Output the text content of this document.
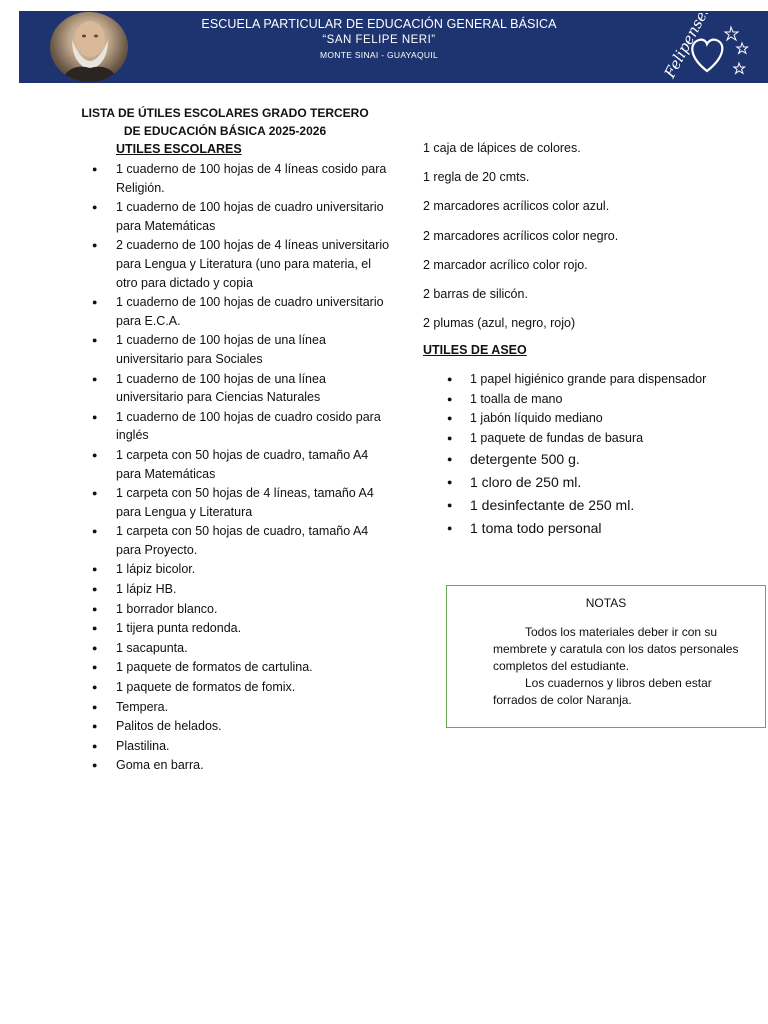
ESCUELA PARTICULAR DE EDUCACIÓN GENERAL BÁSICA
“SAN FELIPE NERI”
MONTE SINAI - GUAYAQUIL	Felipenses
LISTA DE ÚTILES ESCOLARES GRADO TERCERO
DE EDUCACIÓN BÁSICA 2025-2026
UTILES ESCOLARES
● 1 cuaderno de 100 hojas de 4 líneas cosido para Religión.
● 1 cuaderno de 100 hojas de cuadro universitario para Matemáticas
● 2 cuaderno de 100 hojas de 4 líneas universitario para Lengua y Literatura (uno para materia, el otro para dictado y copia
● 1 cuaderno de 100 hojas de cuadro universitario para E.C.A.
● 1 cuaderno de 100 hojas de una línea universitario para Sociales
● 1 cuaderno de 100 hojas de una línea universitario para Ciencias Naturales
● 1 cuaderno de 100 hojas de cuadro cosido para inglés
● 1 carpeta con 50 hojas de cuadro, tamaño A4 para Matemáticas
● 1 carpeta con 50 hojas de 4 líneas, tamaño A4 para Lengua y Literatura
● 1 carpeta con 50 hojas de cuadro, tamaño A4 para Proyecto.
● 1 lápiz bicolor.
● 1 lápiz HB.
● 1 borrador blanco.
● 1 tijera punta redonda.
● 1 sacapunta.
● 1 paquete de formatos de cartulina.
● 1 paquete de formatos de fomix.
● Tempera.
● Palitos de helados.
● Plastilina.
● Goma en barra.
1 caja de lápices de colores.
1 regla de 20 cmts.
2 marcadores acrílicos color azul.
2 marcadores acrílicos color negro.
2 marcador acrílico color rojo.
2 barras de silicón.
2 plumas (azul, negro, rojo)
UTILES DE ASEO
● 1 papel higiénico grande para dispensador
● 1 toalla de mano
● 1 jabón líquido mediano
● 1 paquete de fundas de basura
● detergente 500 g.
● 1 cloro de 250 ml.
● 1 desinfectante de 250 ml.
● 1 toma todo personal
NOTAS

Todos los materiales deber ir con su membrete y caratula con los datos personales completos del estudiante.

Los cuadernos y libros deben estar forrados de color Naranja.
